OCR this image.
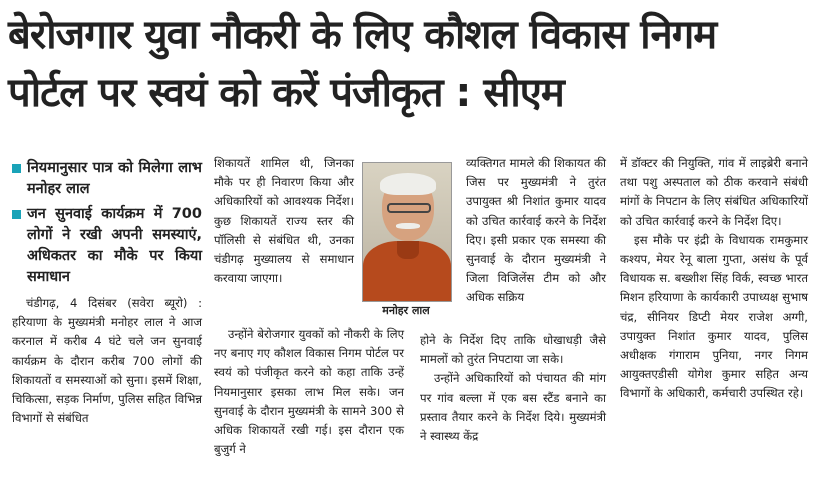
बेरोजगार युवा नौकरी के लिए कौशल विकास निगम
पोर्टल पर स्वयं को करें पंजीकृत : सीएम
नियमानुसार पात्र को मिलेगा लाभ मनोहर लाल
जन सुनवाई कार्यक्रम में 700 लोगों ने रखी अपनी समस्याएं, अधिकतर का मौके पर किया समाधान

चंडीगढ़, 4 दिसंबर (सवेरा ब्यूरो) : हरियाणा के मुख्यमंत्री मनोहर लाल ने आज करनाल में करीब 4 घंटे चले जन सुनवाई कार्यक्रम के दौरान करीब 700 लोगों की शिकायतों व समस्याओं को सुना। इसमें शिक्षा, चिकित्सा, सड़क निर्माण, पुलिस सहित विभिन्न विभागों से संबंधित

शिकायतें शामिल थी, जिनका मौके पर ही निवारण किया और अधिकारियों को आवश्यक निर्देश। कुछ शिकायतें राज्य स्तर की पॉलिसी से संबंधित थी, उनका चंडीगढ़ मुख्यालय से समाधान करवाया जाएगा।

उन्होंने बेरोजगार युवकों को नौकरी के लिए नए बनाए गए कौशल विकास निगम पोर्टल पर स्वयं को पंजीकृत करने को कहा ताकि उन्हें नियमानुसार इसका लाभ मिल सके। जन सुनवाई के दौरान मुख्यमंत्री के सामने 300 से अधिक शिकायतें रखी गई। इस दौरान एक बुजुर्ग ने

मनोहर लाल

व्यक्तिगत मामले की शिकायत की जिस पर मुख्यमंत्री ने तुरंत उपायुक्त श्री निशांत कुमार यादव को उचित कार्रवाई करने के निर्देश दिए। इसी प्रकार एक समस्या की सुनवाई के दौरान मुख्यमंत्री ने जिला विजिलेंस टीम को और अधिक सक्रिय

होने के निर्देश दिए ताकि धोखाधड़ी जैसे मामलों को तुरंत निपटाया जा सके।

उन्होंने अधिकारियों को पंचायत की मांग पर गांव बल्ला में एक बस स्टैंड बनाने का प्रस्ताव तैयार करने के निर्देश दिये। मुख्यमंत्री ने स्वास्थ्य केंद्र

में डॉक्टर की नियुक्ति, गांव में लाइब्रेरी बनाने तथा पशु अस्पताल को ठीक करवाने संबंधी मांगों के निपटान के लिए संबंधित अधिकारियों को उचित कार्रवाई करने के निर्देश दिए।

इस मौके पर इंद्री के विधायक रामकुमार कश्यप, मेयर रेनू बाला गुप्ता, असंध के पूर्व विधायक स. बख्शीश सिंह विर्क, स्वच्छ भारत मिशन हरियाणा के कार्यकारी उपाध्यक्ष सुभाष चंद्र, सीनियर डिप्टी मेयर राजेश अग्गी, उपायुक्त निशांत कुमार यादव, पुलिस अधीक्षक गंगाराम पुनिया, नगर निगम आयुक्तएडीसी योगेश कुमार सहित अन्य विभागों के अधिकारी, कर्मचारी उपस्थित रहे।
